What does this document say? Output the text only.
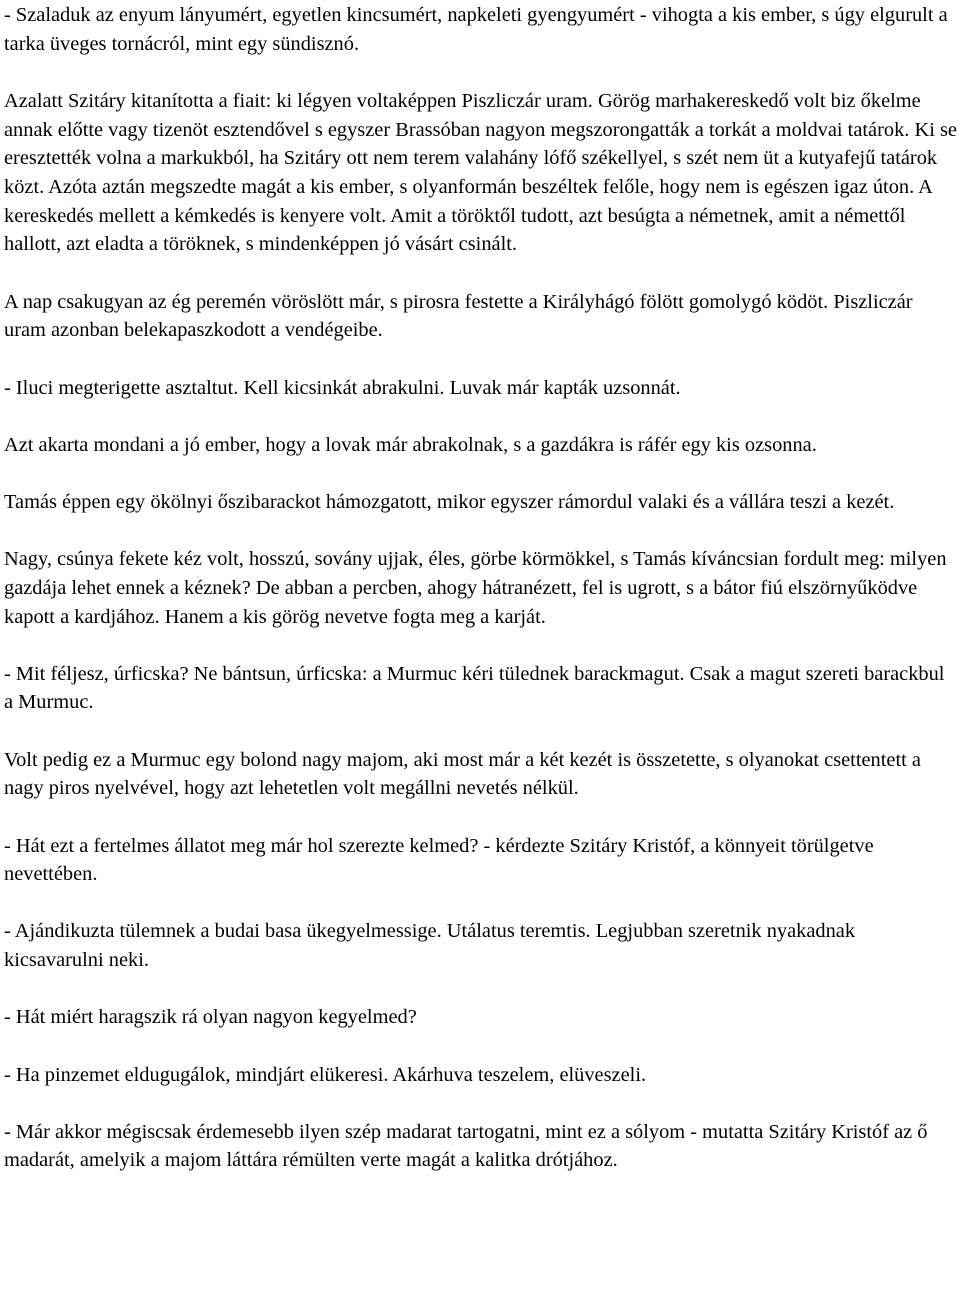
- Szaladuk az enyum lányumért, egyetlen kincsumért, napkeleti gyengyumért - vihogta a kis ember, s úgy elgurult a tarka üveges tornácról, mint egy sündisznó.

Azalatt Szitáry kitanította a fiait: ki légyen voltaképpen Piszliczár uram. Görög marhakereskedő volt biz őkelme annak előtte vagy tizenöt esztendővel s egyszer Brassóban nagyon megszorongatták a torkát a moldvai tatárok. Ki se eresztették volna a markukból, ha Szitáry ott nem terem valahány lófő székellyel, s szét nem üt a kutyafejű tatárok közt. Azóta aztán megszedte magát a kis ember, s olyanformán beszéltek felőle, hogy nem is egészen igaz úton. A kereskedés mellett a kémkedés is kenyere volt. Amit a töröktől tudott, azt besúgta a németnek, amit a némettől hallott, azt eladta a töröknek, s mindenképpen jó vásárt csinált.

A nap csakugyan az ég peremén vöröslött már, s pirosra festette a Királyhágó fölött gomolygó ködöt. Piszliczár uram azonban belekapaszkodott a vendégeibe.

- Iluci megterigette asztaltut. Kell kicsinkát abrakulni. Luvak már kapták uzsonnát.

Azt akarta mondani a jó ember, hogy a lovak már abrakolnak, s a gazdákra is ráfér egy kis ozsonna.

Tamás éppen egy ökölnyi őszibarackot hámozgatott, mikor egyszer rámordul valaki és a vállára teszi a kezét.

Nagy, csúnya fekete kéz volt, hosszú, sovány ujjak, éles, görbe körmökkel, s Tamás kíváncsian fordult meg: milyen gazdája lehet ennek a kéznek? De abban a percben, ahogy hátranézett, fel is ugrott, s a bátor fiú elszörnyűködve kapott a kardjához. Hanem a kis görög nevetve fogta meg a karját.

- Mit féljesz, úrficska? Ne bántsun, úrficska: a Murmuc kéri tülednek barackmagut. Csak a magut szereti barackbul a Murmuc.

Volt pedig ez a Murmuc egy bolond nagy majom, aki most már a két kezét is összetette, s olyanokat csettentett a nagy piros nyelvével, hogy azt lehetetlen volt megállni nevetés nélkül.

- Hát ezt a fertelmes állatot meg már hol szerezte kelmed? - kérdezte Szitáry Kristóf, a könnyeit törülgetve nevettében.

- Ajándikuzta tülemnek a budai basa ükegyelmessige. Utálatus teremtis. Legjubban szeretnik nyakadnak kicsavarulni neki.

- Hát miért haragszik rá olyan nagyon kegyelmed?

- Ha pinzemet eldugugálok, mindjárt elükeresi. Akárhuva teszelem, elüveszeli.

- Már akkor mégiscsak érdemesebb ilyen szép madarat tartogatni, mint ez a sólyom - mutatta Szitáry Kristóf az ő madarát, amelyik a majom láttára rémülten verte magát a kalitka drótjához.
